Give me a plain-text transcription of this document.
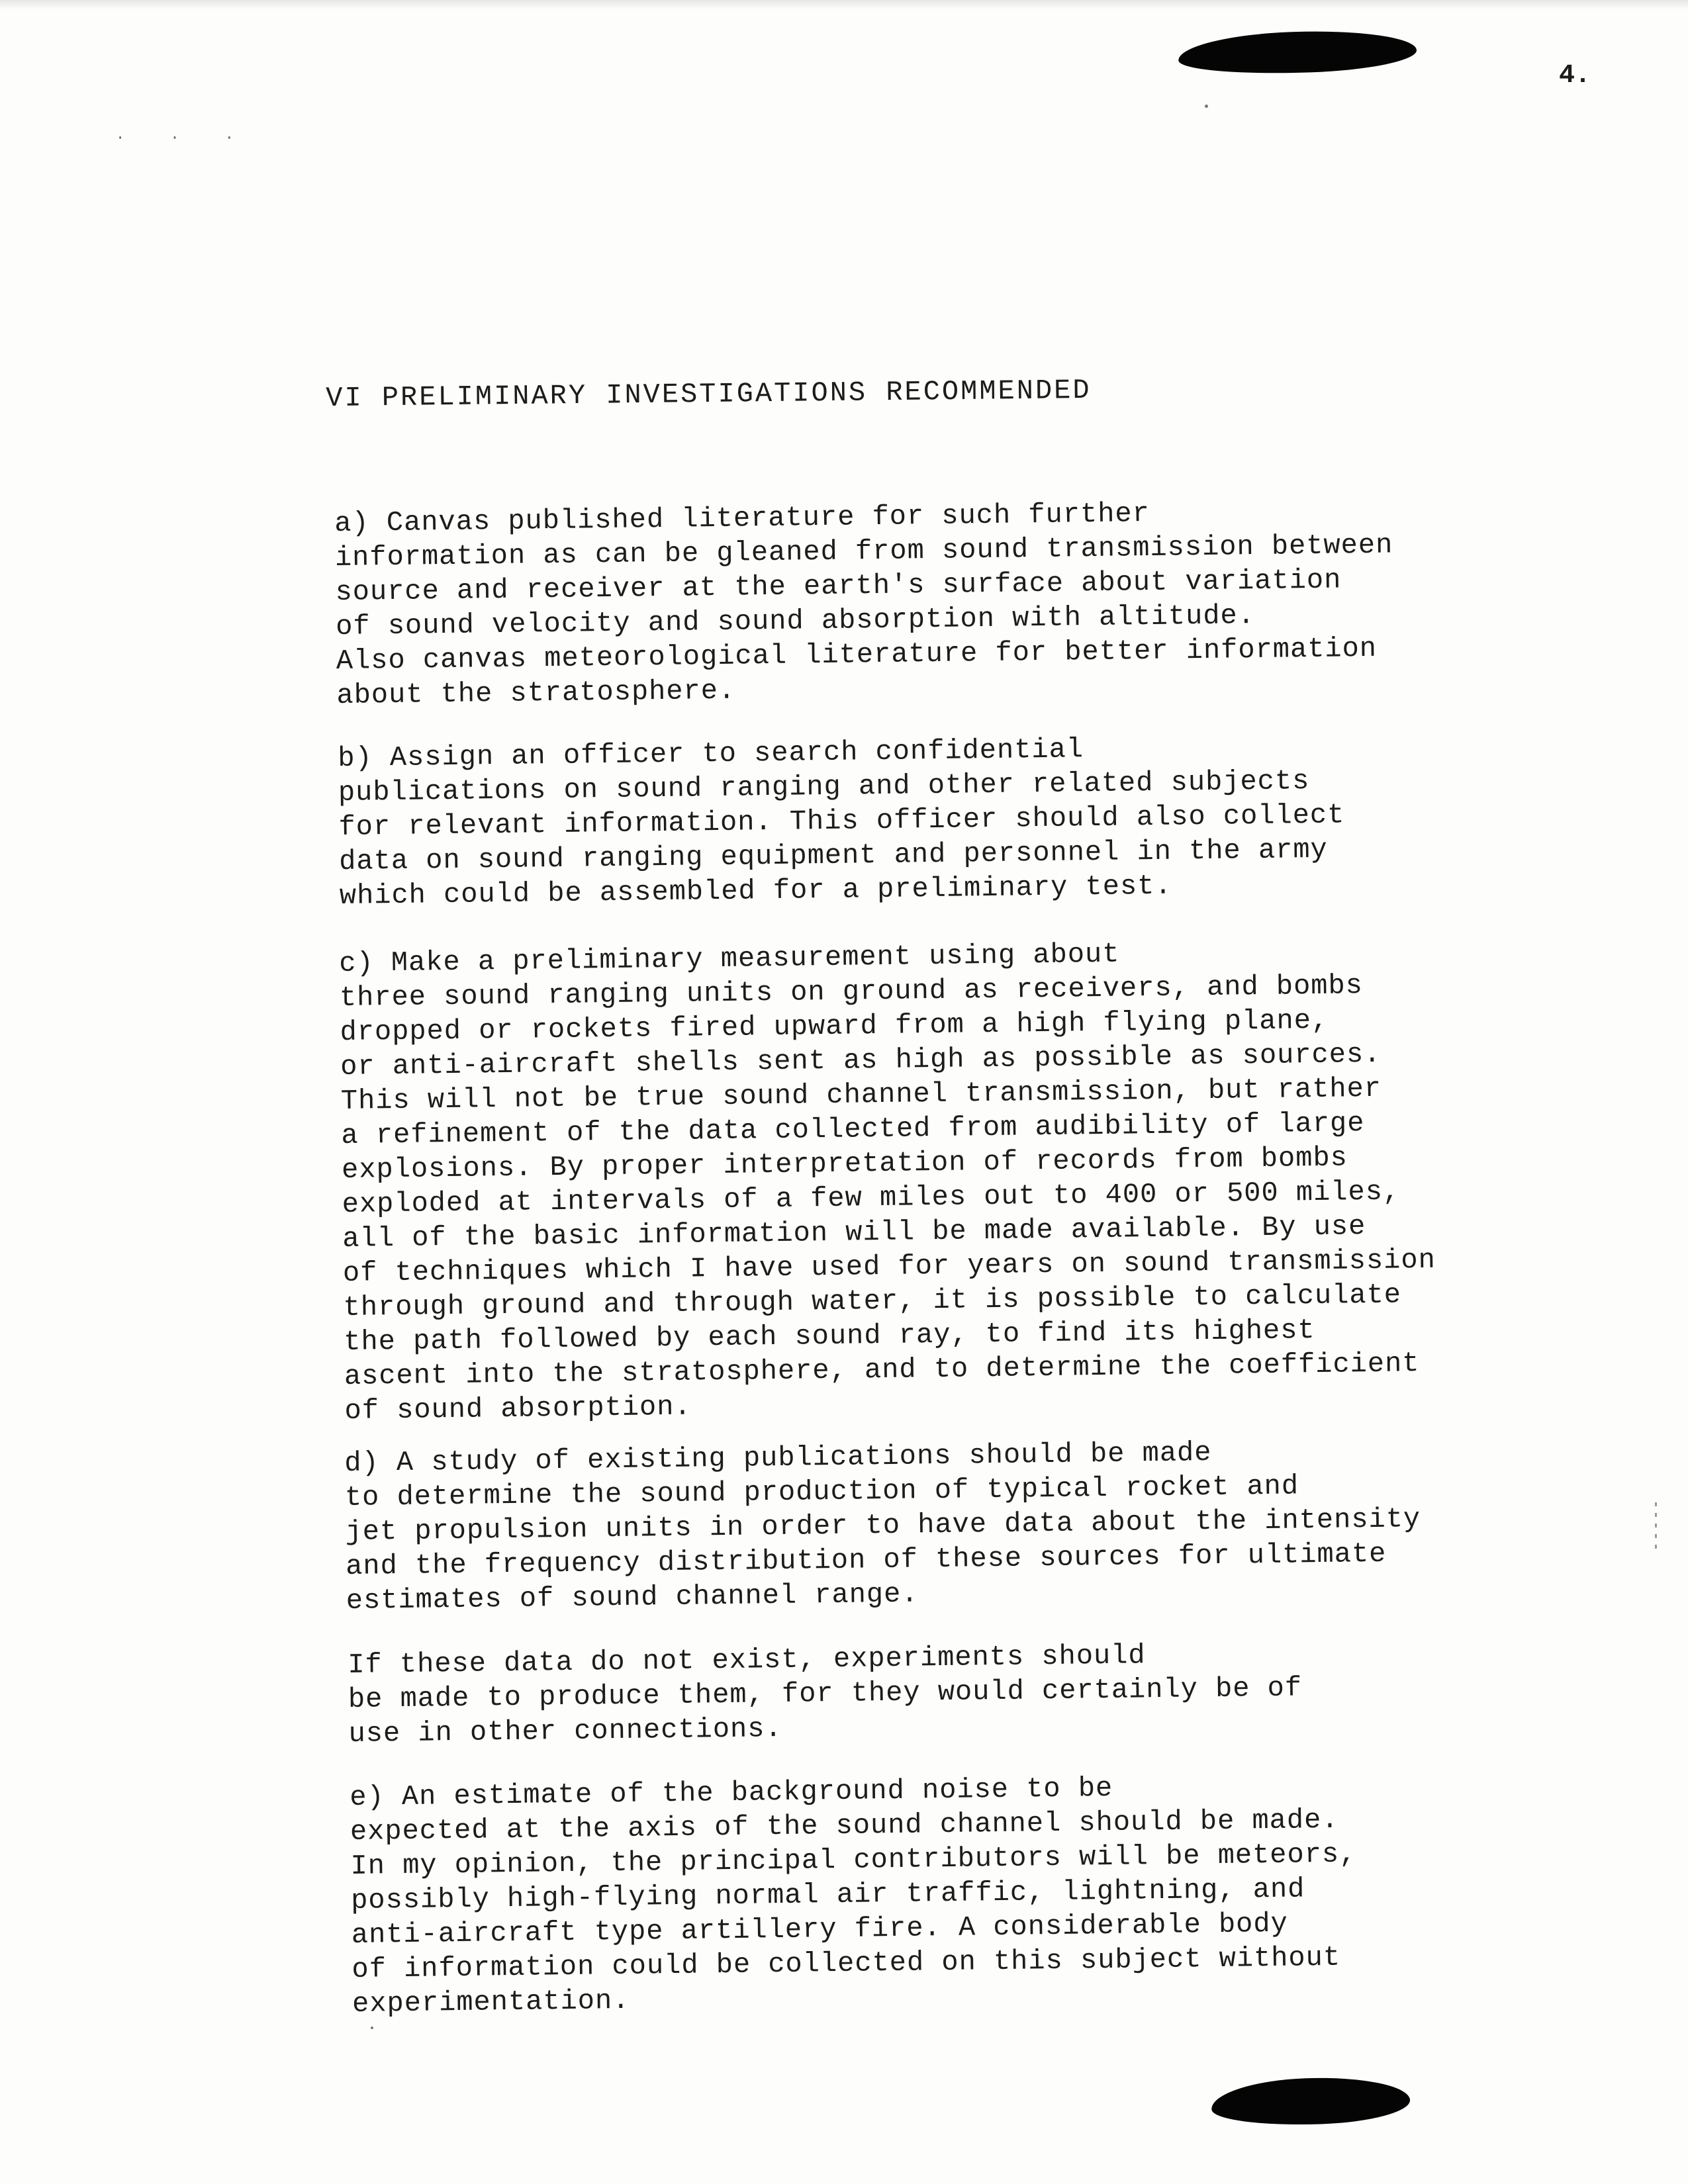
· · ·
4.
VI PRELIMINARY INVESTIGATIONS RECOMMENDED
a) Canvas published literature for such further
information as can be gleaned from sound transmission between
source and receiver at the earth's surface about variation
of sound velocity and sound absorption with altitude.
Also canvas meteorological literature for better information
about the stratosphere.
b) Assign an officer to search confidential
publications on sound ranging and other related subjects
for relevant information. This officer should also collect
data on sound ranging equipment and personnel in the army
which could be assembled for a preliminary test.
c) Make a preliminary measurement using about
three sound ranging units on ground as receivers, and bombs
dropped or rockets fired upward from a high flying plane,
or anti-aircraft shells sent as high as possible as sources.
This will not be true sound channel transmission, but rather
a refinement of the data collected from audibility of large
explosions. By proper interpretation of records from bombs
exploded at intervals of a few miles out to 400 or 500 miles,
all of the basic information will be made available. By use
of techniques which I have used for years on sound transmission
through ground and through water, it is possible to calculate
the path followed by each sound ray, to find its highest
ascent into the stratosphere, and to determine the coefficient
of sound absorption.
d) A study of existing publications should be made
to determine the sound production of typical rocket and
jet propulsion units in order to have data about the intensity
and the frequency distribution of these sources for ultimate
estimates of sound channel range.
If these data do not exist, experiments should
be made to produce them, for they would certainly be of
use in other connections.
e) An estimate of the background noise to be
expected at the axis of the sound channel should be made.
In my opinion, the principal contributors will be meteors,
possibly high-flying normal air traffic, lightning, and
anti-aircraft type artillery fire. A considerable body
of information could be collected on this subject without
experimentation.
